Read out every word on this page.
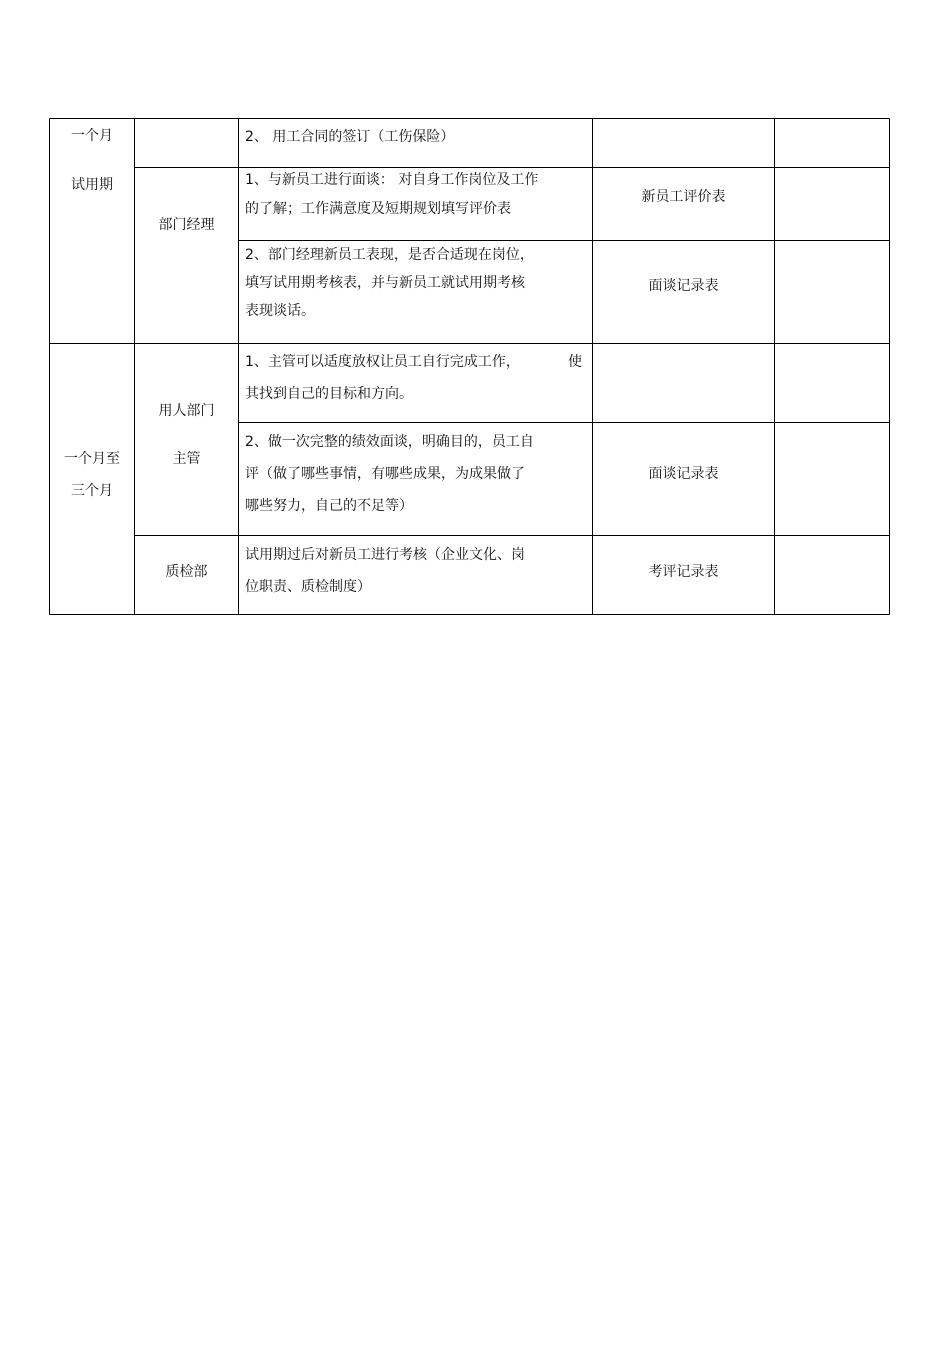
一个月
试用期
2、 用工合同的签订（工伤保险）
部门经理
1、与新员工进行面谈： 对自身工作岗位及工作
的了解；工作满意度及短期规划填写评价表
新员工评价表
2、部门经理新员工表现，是否合适现在岗位，
填写试用期考核表，并与新员工就试用期考核
表现谈话。
面谈记录表
一个月至
三个月
用人部门
主管
1、主管可以适度放权让员工自行完成工作，	使
其找到自己的目标和方向。
2、做一次完整的绩效面谈，明确目的，员工自
评（做了哪些事情，有哪些成果，为成果做了
哪些努力，自己的不足等）
面谈记录表
质检部
试用期过后对新员工进行考核（企业文化、岗
位职责、质检制度）
考评记录表
